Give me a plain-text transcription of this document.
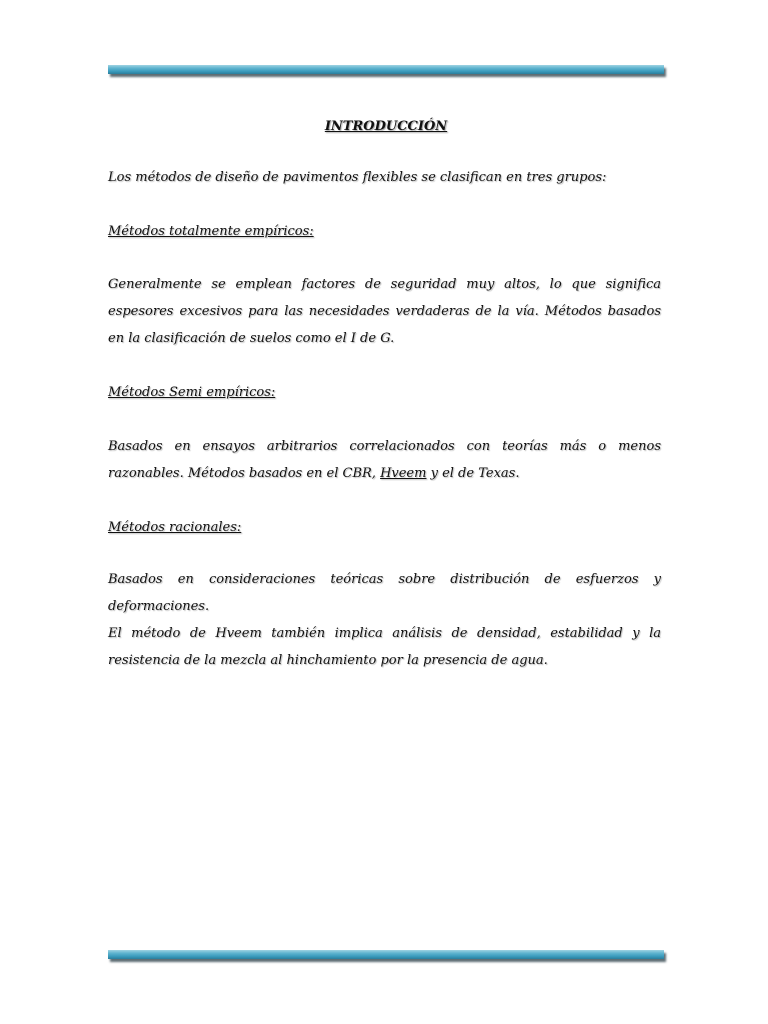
INTRODUCCIÓN

Los métodos de diseño de pavimentos flexibles se clasifican en tres grupos:

Métodos totalmente empíricos:

Generalmente se emplean factores de seguridad muy altos, lo que significa espesores excesivos para las necesidades verdaderas de la vía. Métodos basados en la clasificación de suelos como el I de G.

Métodos Semi empíricos:

Basados en ensayos arbitrarios correlacionados con teorías más o menos razonables. Métodos basados en el CBR, Hveem y el de Texas.

Métodos racionales:

Basados en consideraciones teóricas sobre distribución de esfuerzos y deformaciones.

El método de Hveem también implica análisis de densidad, estabilidad y la resistencia de la mezcla al hinchamiento por la presencia de agua.
